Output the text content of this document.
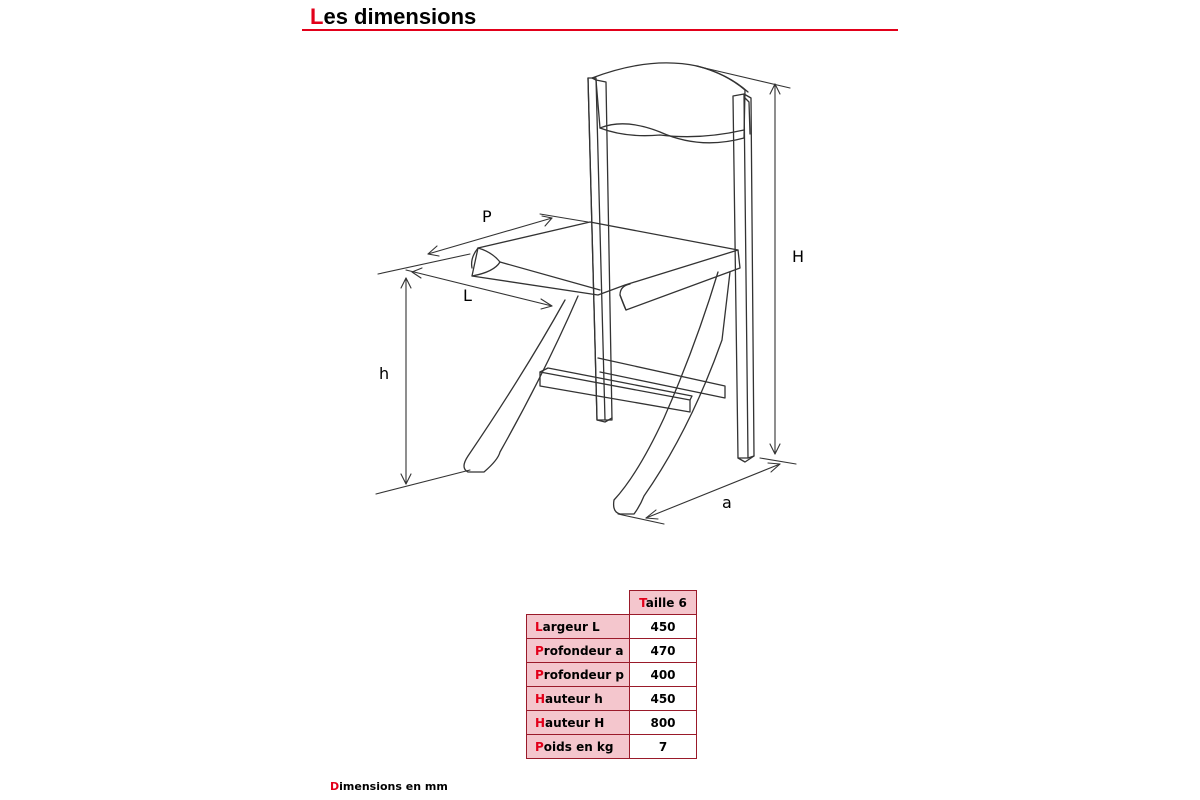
Les dimensions
P
L
h
H
a
	Taille 6
Largeur L	450
Profondeur a	470
Profondeur p	400
Hauteur h	450
Hauteur H	800
Poids en kg	7
Dimensions en mm
